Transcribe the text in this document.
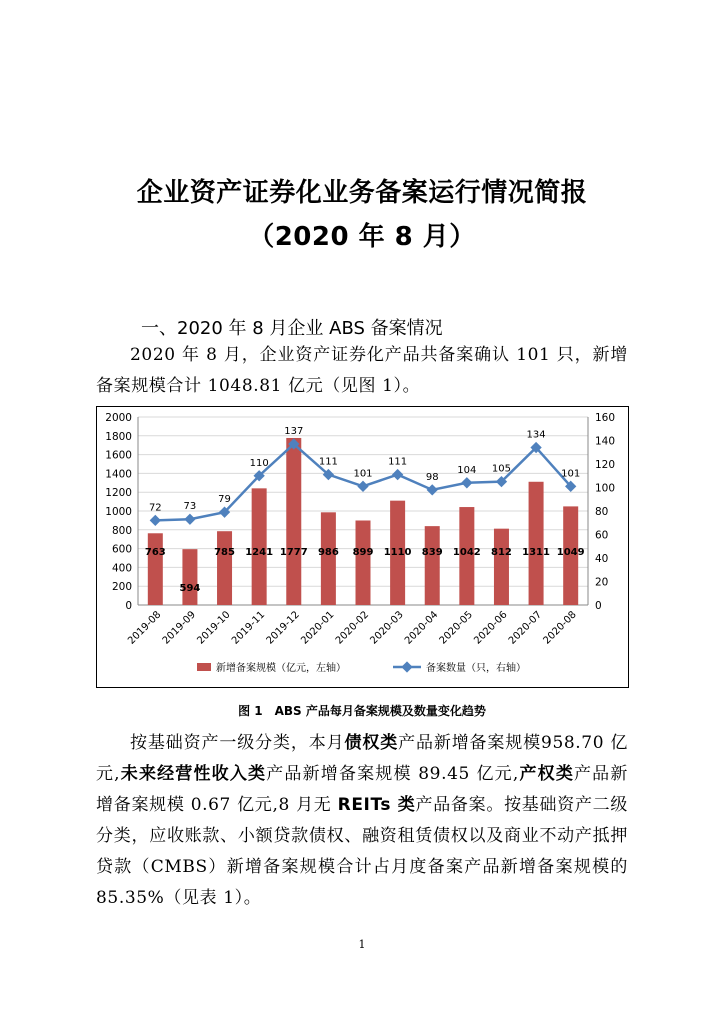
企业资产证券化业务备案运行情况简报
（2020 年 8 月）
一、2020 年 8 月企业 ABS 备案情况

2020 年 8 月，企业资产证券化产品共备案确认 101 只，新增备案规模合计 1048.81 亿元（见图 1）。

0
200
400
600
800
1000
1200
1400
1600
1800
2000
0
20
40
60
80
100
120
140
160
763
594
785 1241 1777 986 899 1110 839 1042 812 1311 1049
72 73
79
110
137
111
101
111
98
104 105
134
101
2019-08
2019-09
2019-10
2019-11
2019-12
2020-01
2020-02
2020-03
2020-04
2020-05
2020-06
2020-07
2020-08
新增备案规模（亿元，左轴）	备案数量（只，右轴）

图 1　ABS 产品每月备案规模及数量变化趋势

按基础资产一级分类，本月债权类产品新增备案规模958.70 亿元,未来经营性收入类产品新增备案规模 89.45 亿元,产权类产品新增备案规模 0.67 亿元,8 月无 REITs 类产品备案。按基础资产二级分类，应收账款、小额贷款债权、融资租赁债权以及商业不动产抵押贷款（CMBS）新增备案规模合计占月度备案产品新增备案规模的 85.35%（见表 1）。

1
